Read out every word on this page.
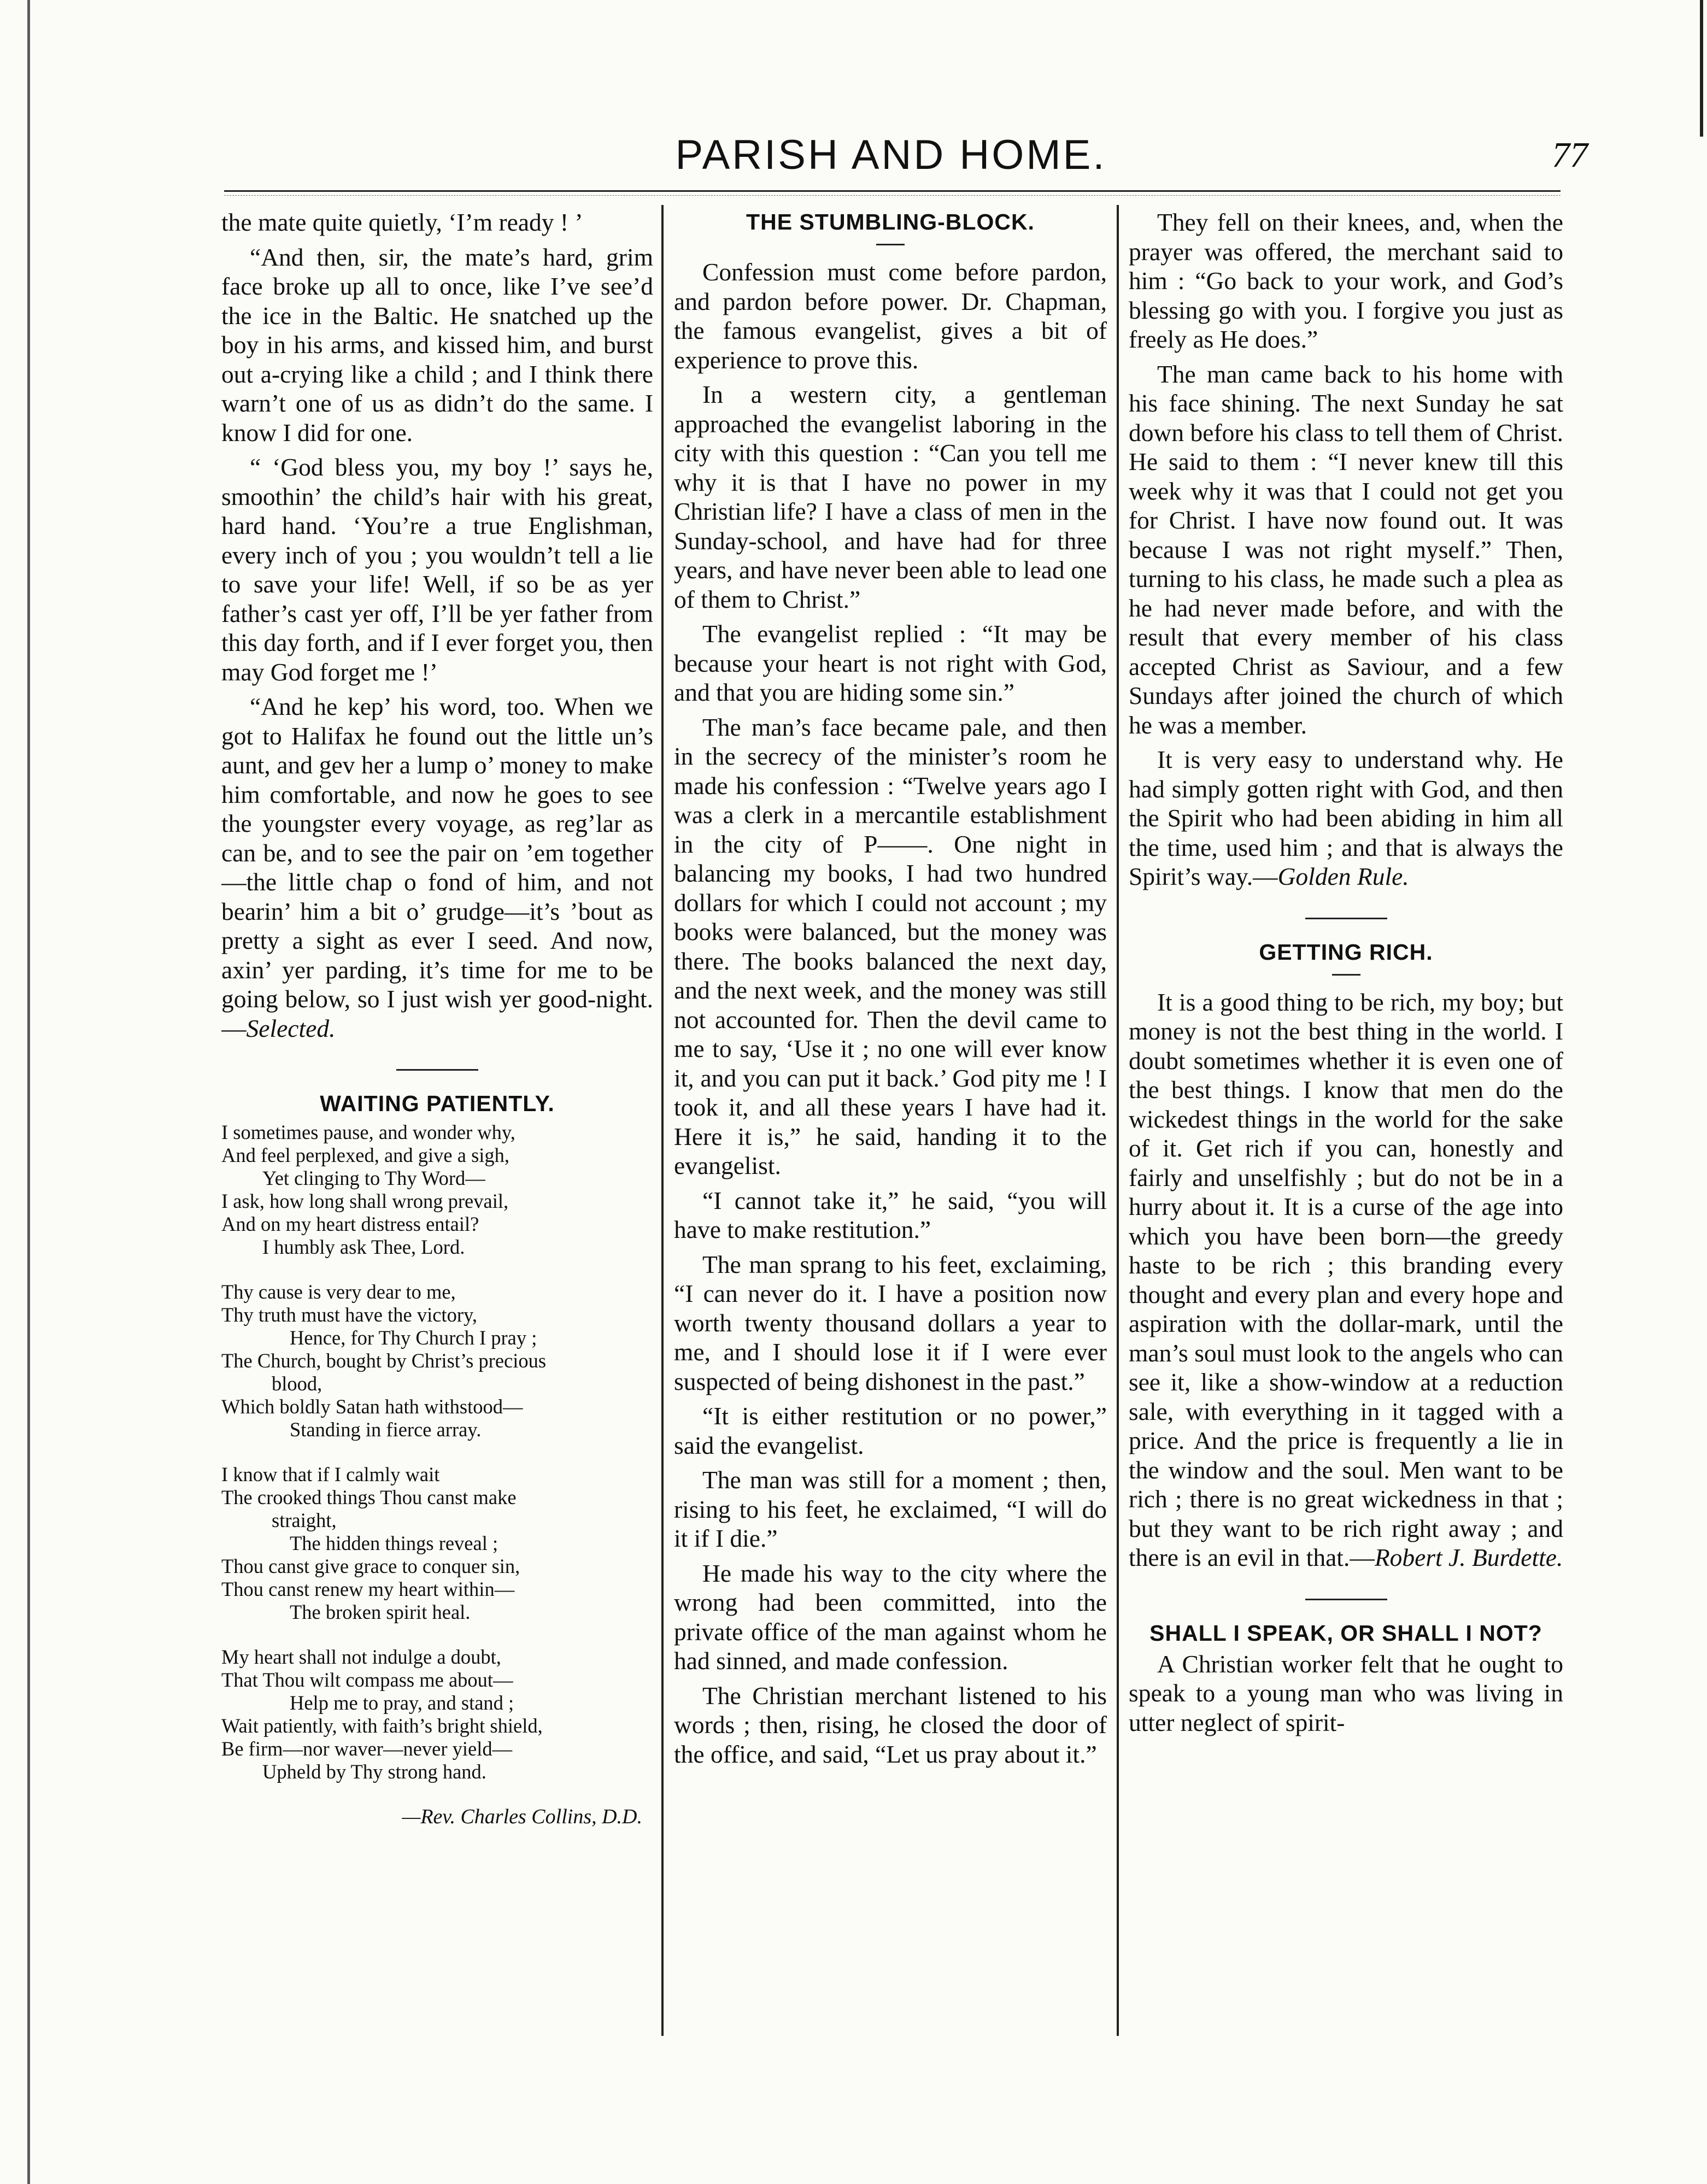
PARISH AND HOME.	77

the mate quite quietly, ‘I’m ready ! ’

“And then, sir, the mate’s hard, grim face broke up all to once, like I’ve see’d the ice in the Baltic. He snatched up the boy in his arms, and kissed him, and burst out a-crying like a child ; and I think there warn’t one of us as didn’t do the same. I know I did for one.

“ ‘God bless you, my boy !’ says he, smoothin’ the child’s hair with his great, hard hand. ‘You’re a true Englishman, every inch of you ; you wouldn’t tell a lie to save your life! Well, if so be as yer father’s cast yer off, I’ll be yer father from this day forth, and if I ever forget you, then may God forget me !’

“And he kep’ his word, too. When we got to Halifax he found out the little un’s aunt, and gev her a lump o’ money to make him comfortable, and now he goes to see the youngster every voyage, as reg’lar as can be, and to see the pair on ’em together—the little chap o fond of him, and not bearin’ him a bit o’ grudge—it’s ’bout as pretty a sight as ever I seed. And now, axin’ yer parding, it’s time for me to be going below, so I just wish yer good-night.—Selected.

WAITING PATIENTLY.
I sometimes pause, and wonder why,
And feel perplexed, and give a sigh,
Yet clinging to Thy Word—
I ask, how long shall wrong prevail,
And on my heart distress entail?
I humbly ask Thee, Lord.
Thy cause is very dear to me,
Thy truth must have the victory,
Hence, for Thy Church I pray ;
The Church, bought by Christ’s precious
blood,
Which boldly Satan hath withstood—
Standing in fierce array.
I know that if I calmly wait
The crooked things Thou canst make
straight,
The hidden things reveal ;
Thou canst give grace to conquer sin,
Thou canst renew my heart within—
The broken spirit heal.
My heart shall not indulge a doubt,
That Thou wilt compass me about—
Help me to pray, and stand ;
Wait patiently, with faith’s bright shield,
Be firm—nor waver—never yield—
Upheld by Thy strong hand.
—Rev. Charles Collins, D.D.
THE STUMBLING-BLOCK.

Confession must come before pardon, and pardon before power. Dr. Chapman, the famous evangelist, gives a bit of experience to prove this.

In a western city, a gentleman approached the evangelist laboring in the city with this question : “Can you tell me why it is that I have no power in my Christian life? I have a class of men in the Sunday-school, and have had for three years, and have never been able to lead one of them to Christ.”

The evangelist replied : “It may be because your heart is not right with God, and that you are hiding some sin.”

The man’s face became pale, and then in the secrecy of the minister’s room he made his confession : “Twelve years ago I was a clerk in a mercantile establishment in the city of P——. One night in balancing my books, I had two hundred dollars for which I could not account ; my books were balanced, but the money was there. The books balanced the next day, and the next week, and the money was still not accounted for. Then the devil came to me to say, ‘Use it ; no one will ever know it, and you can put it back.’ God pity me ! I took it, and all these years I have had it. Here it is,” he said, handing it to the evangelist.

“I cannot take it,” he said, “you will have to make restitution.”

The man sprang to his feet, exclaiming, “I can never do it. I have a position now worth twenty thousand dollars a year to me, and I should lose it if I were ever suspected of being dishonest in the past.”

“It is either restitution or no power,” said the evangelist.

The man was still for a moment ; then, rising to his feet, he exclaimed, “I will do it if I die.”

He made his way to the city where the wrong had been committed, into the private office of the man against whom he had sinned, and made confession.

The Christian merchant listened to his words ; then, rising, he closed the door of the office, and said, “Let us pray about it.”

They fell on their knees, and, when the prayer was offered, the merchant said to him : “Go back to your work, and God’s blessing go with you. I forgive you just as freely as He does.”

The man came back to his home with his face shining. The next Sunday he sat down before his class to tell them of Christ. He said to them : “I never knew till this week why it was that I could not get you for Christ. I have now found out. It was because I was not right myself.” Then, turning to his class, he made such a plea as he had never made before, and with the result that every member of his class accepted Christ as Saviour, and a few Sundays after joined the church of which he was a member.

It is very easy to understand why. He had simply gotten right with God, and then the Spirit who had been abiding in him all the time, used him ; and that is always the Spirit’s way.—Golden Rule.

GETTING RICH.

It is a good thing to be rich, my boy; but money is not the best thing in the world. I doubt sometimes whether it is even one of the best things. I know that men do the wickedest things in the world for the sake of it. Get rich if you can, honestly and fairly and unselfishly ; but do not be in a hurry about it. It is a curse of the age into which you have been born—the greedy haste to be rich ; this branding every thought and every plan and every hope and aspiration with the dollar-mark, until the man’s soul must look to the angels who can see it, like a show-window at a reduction sale, with everything in it tagged with a price. And the price is frequently a lie in the window and the soul. Men want to be rich ; there is no great wickedness in that ; but they want to be rich right away ; and there is an evil in that.—Robert J. Burdette.

SHALL I SPEAK, OR SHALL I NOT?

A Christian worker felt that he ought to speak to a young man who was living in utter neglect of spirit-
